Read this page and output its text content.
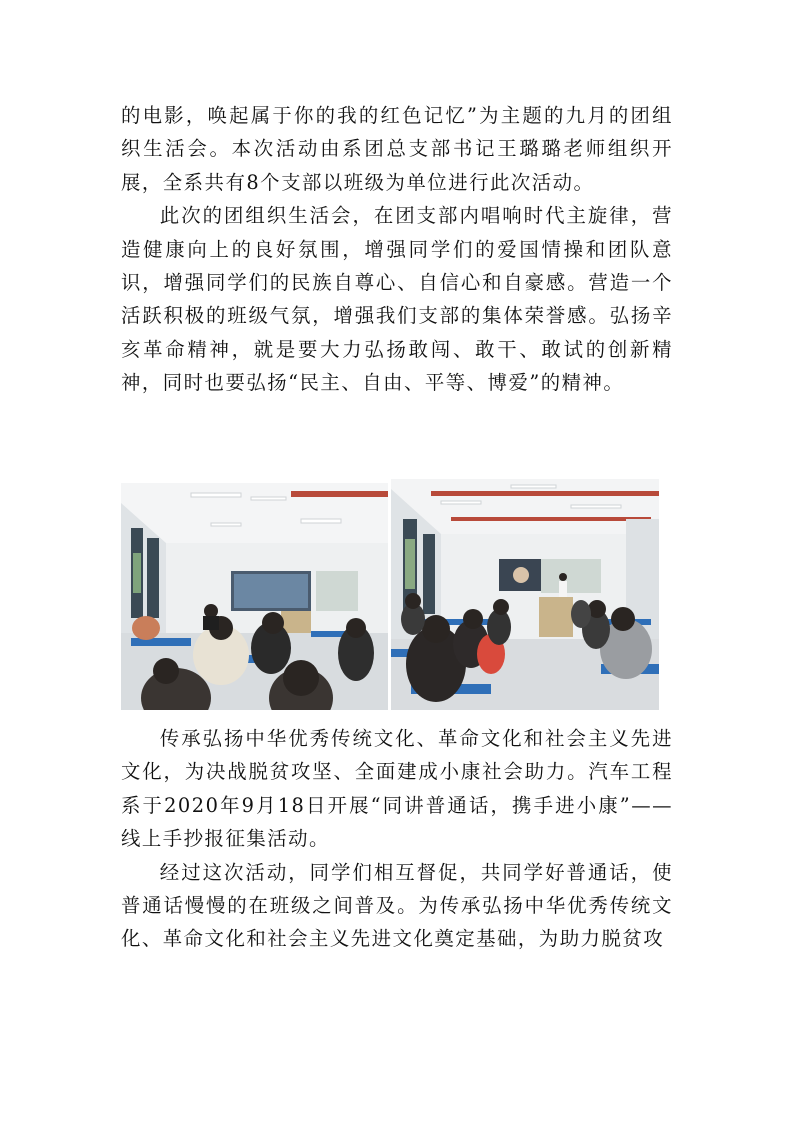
的电影，唤起属于你的我的红色记忆”为主题的九月的团组织生活会。本次活动由系团总支部书记王璐璐老师组织开展，全系共有8个支部以班级为单位进行此次活动。

此次的团组织生活会，在团支部内唱响时代主旋律，营造健康向上的良好氛围，增强同学们的爱国情操和团队意识，增强同学们的民族自尊心、自信心和自豪感。营造一个活跃积极的班级气氛，增强我们支部的集体荣誉感。弘扬辛亥革命精神，就是要大力弘扬敢闯、敢干、敢试的创新精神，同时也要弘扬“民主、自由、平等、博爱”的精神。

传承弘扬中华优秀传统文化、革命文化和社会主义先进文化，为决战脱贫攻坚、全面建成小康社会助力。汽车工程系于2020年9月18日开展“同讲普通话，携手进小康”——线上手抄报征集活动。

经过这次活动，同学们相互督促，共同学好普通话，使普通话慢慢的在班级之间普及。为传承弘扬中华优秀传统文化、革命文化和社会主义先进文化奠定基础，为助力脱贫攻
